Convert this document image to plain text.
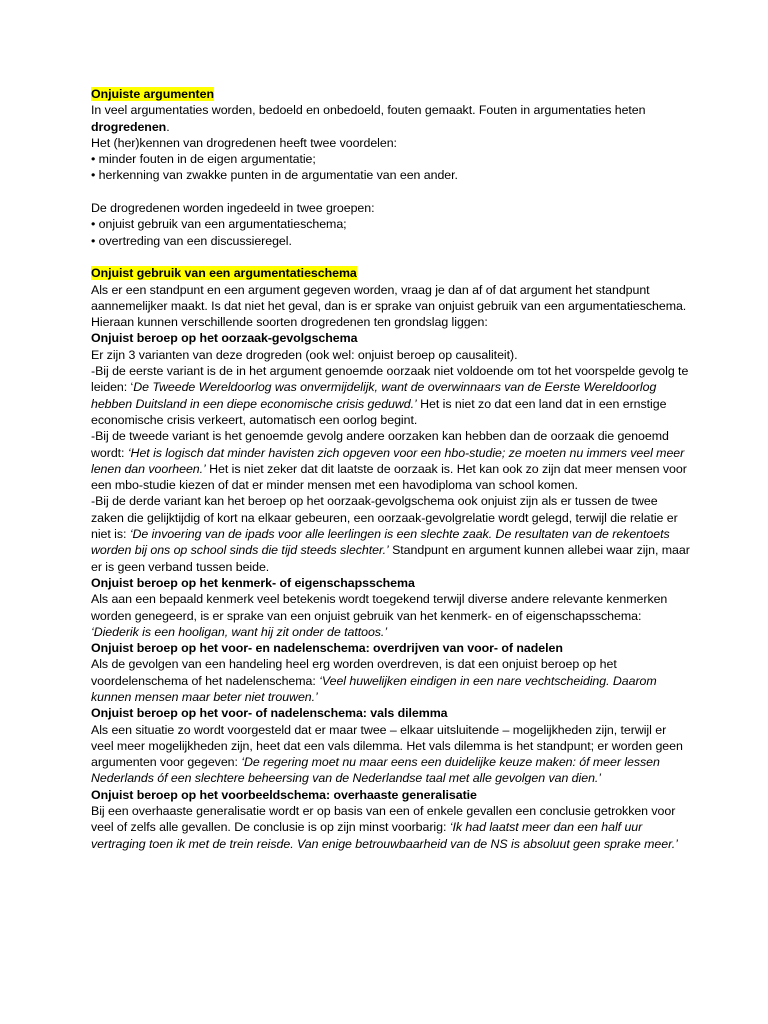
Onjuiste argumenten

In veel argumentaties worden, bedoeld en onbedoeld, fouten gemaakt. Fouten in argumentaties heten drogredenen.

Het (her)kennen van drogredenen heeft twee voordelen:

• minder fouten in de eigen argumentatie;

• herkenning van zwakke punten in de argumentatie van een ander.

De drogredenen worden ingedeeld in twee groepen:

• onjuist gebruik van een argumentatieschema;

• overtreding van een discussieregel.

Onjuist gebruik van een argumentatieschema

Als er een standpunt en een argument gegeven worden, vraag je dan af of dat argument het standpunt aannemelijker maakt. Is dat niet het geval, dan is er sprake van onjuist gebruik van een argumentatieschema. Hieraan kunnen verschillende soorten drogredenen ten grondslag liggen:

Onjuist beroep op het oorzaak-gevolgschema

Er zijn 3 varianten van deze drogreden (ook wel: onjuist beroep op causaliteit).

-Bij de eerste variant is de in het argument genoemde oorzaak niet voldoende om tot het voorspelde gevolg te leiden: ‘De Tweede Wereldoorlog was onvermijdelijk, want de overwinnaars van de Eerste Wereldoorlog hebben Duitsland in een diepe economische crisis geduwd.’ Het is niet zo dat een land dat in een ernstige economische crisis verkeert, automatisch een oorlog begint.

-Bij de tweede variant is het genoemde gevolg andere oorzaken kan hebben dan de oorzaak die genoemd wordt: ‘Het is logisch dat minder havisten zich opgeven voor een hbo-studie; ze moeten nu immers veel meer lenen dan voorheen.’ Het is niet zeker dat dit laatste de oorzaak is. Het kan ook zo zijn dat meer mensen voor een mbo-studie kiezen of dat er minder mensen met een havodiploma van school komen.

-Bij de derde variant kan het beroep op het oorzaak-gevolgschema ook onjuist zijn als er tussen de twee zaken die gelijktijdig of kort na elkaar gebeuren, een oorzaak-gevolgrelatie wordt gelegd, terwijl die relatie er niet is: ‘De invoering van de ipads voor alle leerlingen is een slechte zaak. De resultaten van de rekentoets worden bij ons op school sinds die tijd steeds slechter.’ Standpunt en argument kunnen allebei waar zijn, maar er is geen verband tussen beide.

Onjuist beroep op het kenmerk- of eigenschapsschema

Als aan een bepaald kenmerk veel betekenis wordt toegekend terwijl diverse andere relevante kenmerken worden genegeerd, is er sprake van een onjuist gebruik van het kenmerk- en of eigenschapsschema: ‘Diederik is een hooligan, want hij zit onder de tattoos.’

Onjuist beroep op het voor- en nadelenschema: overdrijven van voor- of nadelen

Als de gevolgen van een handeling heel erg worden overdreven, is dat een onjuist beroep op het voordelenschema of het nadelenschema: ‘Veel huwelijken eindigen in een nare vechtscheiding. Daarom kunnen mensen maar beter niet trouwen.’

Onjuist beroep op het voor- of nadelenschema: vals dilemma

Als een situatie zo wordt voorgesteld dat er maar twee – elkaar uitsluitende – mogelijkheden zijn, terwijl er veel meer mogelijkheden zijn, heet dat een vals dilemma. Het vals dilemma is het standpunt; er worden geen argumenten voor gegeven: ‘De regering moet nu maar eens een duidelijke keuze maken: óf meer lessen Nederlands óf een slechtere beheersing van de Nederlandse taal met alle gevolgen van dien.’

Onjuist beroep op het voorbeeldschema: overhaaste generalisatie

Bij een overhaaste generalisatie wordt er op basis van een of enkele gevallen een conclusie getrokken voor veel of zelfs alle gevallen. De conclusie is op zijn minst voorbarig: ‘Ik had laatst meer dan een half uur vertraging toen ik met de trein reisde. Van enige betrouwbaarheid van de NS is absoluut geen sprake meer.’
